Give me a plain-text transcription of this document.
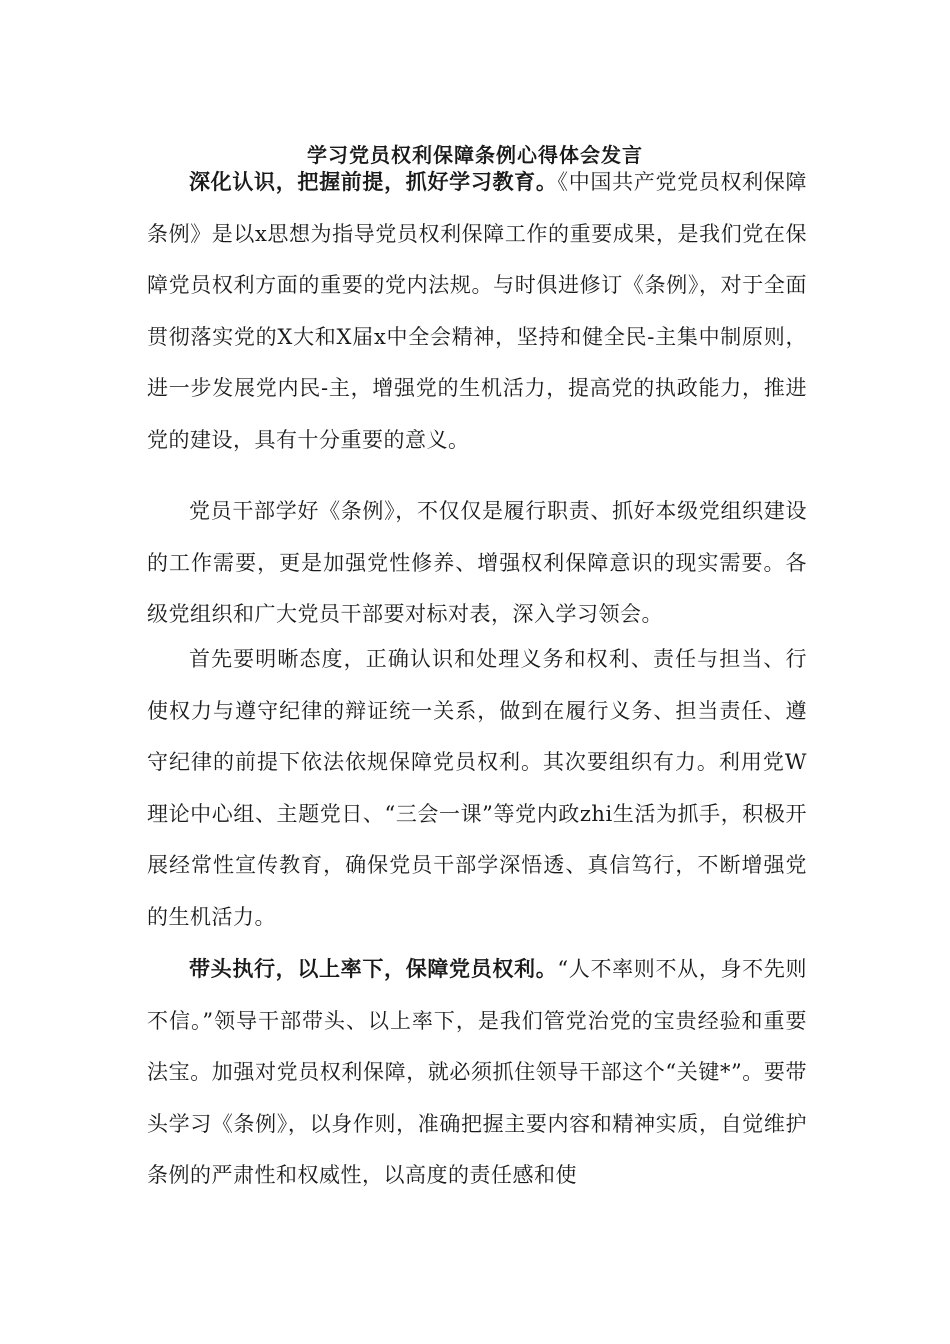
学习党员权利保障条例心得体会发言

深化认识，把握前提，抓好学习教育。《中国共产党党员权利保障条例》是以x思想为指导党员权利保障工作的重要成果，是我们党在保障党员权利方面的重要的党内法规。与时俱进修订《条例》，对于全面贯彻落实党的X大和X届x中全会精神，坚持和健全民-主集中制原则，进一步发展党内民-主，增强党的生机活力，提高党的执政能力，推进党的建设，具有十分重要的意义。

党员干部学好《条例》，不仅仅是履行职责、抓好本级党组织建设的工作需要，更是加强党性修养、增强权利保障意识的现实需要。各级党组织和广大党员干部要对标对表，深入学习领会。

首先要明晰态度，正确认识和处理义务和权利、责任与担当、行使权力与遵守纪律的辩证统一关系，做到在履行义务、担当责任、遵守纪律的前提下依法依规保障党员权利。其次要组织有力。利用党W理论中心组、主题党日、“三会一课”等党内政zhi生活为抓手，积极开展经常性宣传教育，确保党员干部学深悟透、真信笃行，不断增强党的生机活力。

带头执行，以上率下，保障党员权利。“人不率则不从，身不先则不信。”领导干部带头、以上率下，是我们管党治党的宝贵经验和重要法宝。加强对党员权利保障，就必须抓住领导干部这个“关键*”。要带头学习《条例》，以身作则，准确把握主要内容和精神实质，自觉维护条例的严肃性和权威性，以高度的责任感和使
